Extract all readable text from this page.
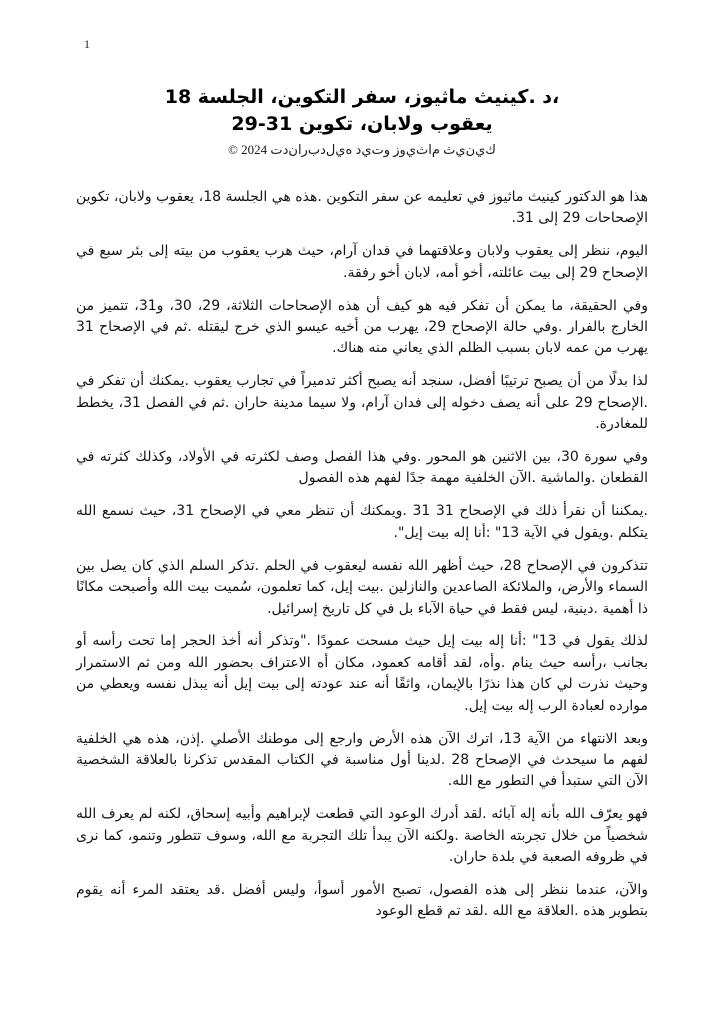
1
،د .كينيث ماثيوز، سفر التكوين، الجلسة 18
يعقوب ولابان، تكوين 31-29
ك‌ي‌ن‌ي‌ث م‌ا‌ث‌ي‌و‌ز و‌ت‌ي‌د ه‌ي‌ل‌د‌ب‌ر‌ا‌ن‌د‌ت 2024 ©

هذا هو الدكتور كينيث ماثيوز في تعليمه عن سفر التكوين .هذه هي الجلسة 18، يعقوب ولابان، تكوين الإصحاحات 29 إلى 31.

اليوم، ننظر إلى يعقوب ولابان وعلاقتهما في فدان آرام، حيث هرب يعقوب من بيته إلى بئر سبع في الإصحاح 29 إلى بيت عائلته، أخو أمه، لابان أخو رفقة.

وفي الحقيقة، ما يمكن أن تفكر فيه هو كيف أن هذه الإصحاحات الثلاثة، 29، 30، و31، تتميز من الخارج بالفرار .وفي حالة الإصحاح 29، يهرب من أخيه عيسو الذي خرج ليقتله .ثم في الإصحاح 31 يهرب من عمه لابان بسبب الظلم الذي يعاني منه هناك.

لذا بدلًا من أن يصبح ترتيبًا أفضل، سنجد أنه يصبح أكثر تدميراً في تجارب يعقوب .يمكنك أن تفكر في .الإصحاح 29 على أنه يصف دخوله إلى فدان آرام، ولا سيما مدينة حاران .ثم في الفصل 31، يخطط للمغادرة.

وفي سورة 30، بين الاثنين هو المحور .وفي هذا الفصل وصف لكثرته في الأولاد، وكذلك كثرته في القطعان .والماشية .الآن الخلفية مهمة جدًا لفهم هذه الفصول

.يمكننا أن نقرأ ذلك في الإصحاح 31 31 .ويمكنك أن تنظر معي في الإصحاح 31، حيث نسمع الله يتكلم .ويقول في الآية 13" :أنا إله بيت إيل".

تتذكرون في الإصحاح 28، حيث أظهر الله نفسه ليعقوب في الحلم .تذكر السلم الذي كان يصل بين السماء والأرض، والملائكة الصاعدين والنازلين .بيت إيل، كما تعلمون، سُميت بيت الله وأصبحت مكانًا ذا أهمية .دينية، ليس فقط في حياة الآباء بل في كل تاريخ إسرائيل.

لذلك يقول في 13" :أنا إله بيت إيل حيث مسحت عمودًا ."وتذكر أنه أخذ الحجر إما تحت رأسه أو بجانب ،رأسه حيث ينام .وأه، لقد أقامه كعمود، مكان أه الاعتراف بحضور الله ومن ثم الاستمرار وحيث نذرت لي كان هذا نذرًا بالإيمان، واثقًا أنه عند عودته إلى بيت إيل أنه يبذل نفسه ويعطي من موارده لعبادة الرب إله بيت إيل.

وبعد الانتهاء من الآية 13، اترك الآن هذه الأرض وارجع إلى موطنك الأصلي .إذن، هذه هي الخلفية لفهم ما سيحدث في الإصحاح 28 .لدينا أول مناسبة في الكتاب المقدس تذكرنا بالعلاقة الشخصية الآن التي ستبدأ في التطور مع الله.

فهو يعرّف الله بأنه إله آبائه .لقد أدرك الوعود التي قطعت لإبراهيم وأبيه إسحاق، لكنه لم يعرف الله شخصياً من خلال تجربته الخاصة .ولكنه الآن يبدأ تلك التجربة مع الله، وسوف تتطور وتنمو، كما نرى في ظروفه الصعبة في بلدة حاران.

والآن، عندما ننظر إلى هذه الفصول، تصبح الأمور أسوأ، وليس أفضل .قد يعتقد المرء أنه يقوم بتطوير هذه .العلاقة مع الله .لقد تم قطع الوعود
